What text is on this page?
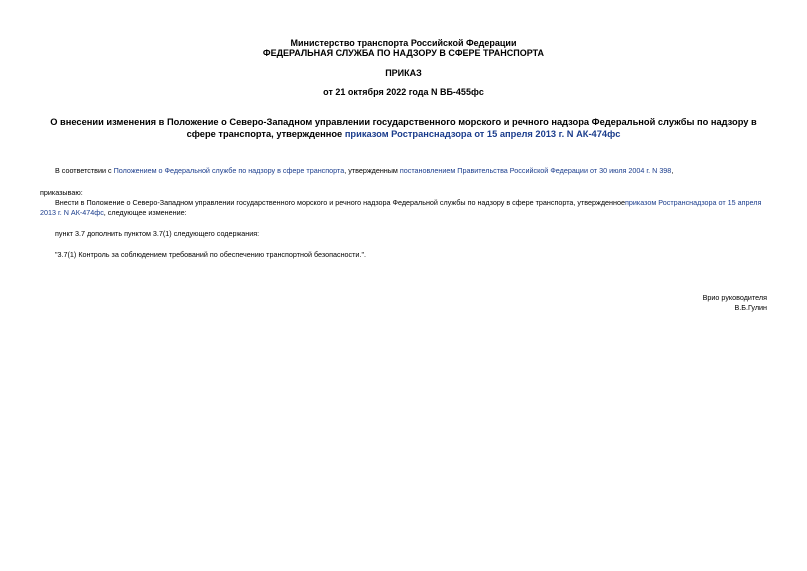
Министерство транспорта Российской Федерации
ФЕДЕРАЛЬНАЯ СЛУЖБА ПО НАДЗОРУ В СФЕРЕ ТРАНСПОРТА
ПРИКАЗ
от 21 октября 2022 года N ВБ-455фс
О внесении изменения в Положение о Северо-Западном управлении государственного морского и речного надзора Федеральной службы по надзору в сфере транспорта, утвержденное приказом Ространснадзора от 15 апреля 2013 г. N АК-474фс
В соответствии с Положением о Федеральной службе по надзору в сфере транспорта, утвержденным постановлением Правительства Российской Федерации от 30 июля 2004 г. N 398,
приказываю:
Внести в Положение о Северо-Западном управлении государственного морского и речного надзора Федеральной службы по надзору в сфере транспорта, утвержденноеприказом Ространснадзора от 15 апреля 2013 г. N АК-474фс, следующее изменение:
пункт 3.7 дополнить пунктом 3.7(1) следующего содержания:
"3.7(1) Контроль за соблюдением требований по обеспечению транспортной безопасности.".
Врио руководителя
В.Б.Гулин
